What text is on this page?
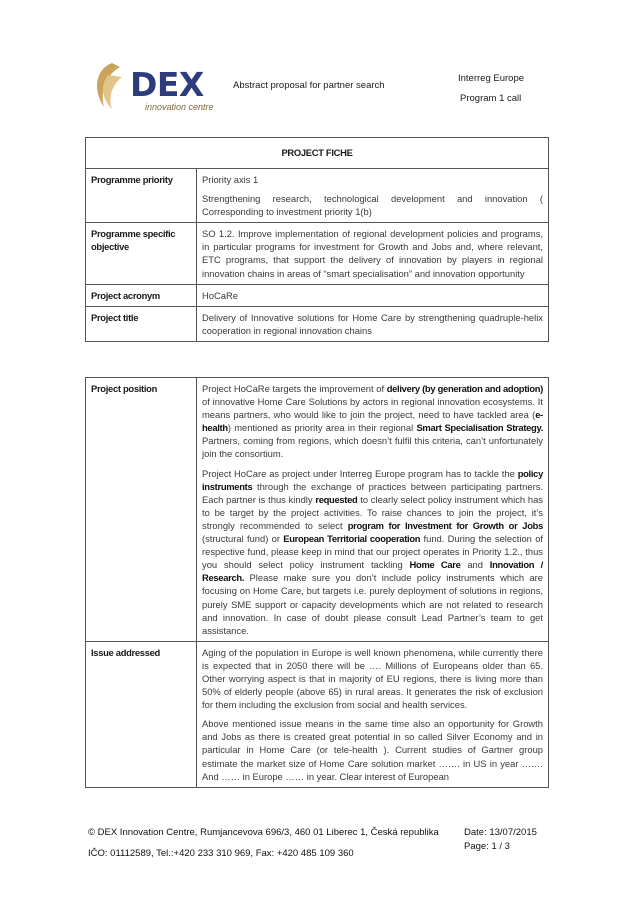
DEX
innovation centre
Abstract proposal for partner search
Interreg Europe
Program 1 call
PROJECT FICHE	
Programme priority	Priority axis 1

Strengthening research, technological development and innovation ( Corresponding to investment priority 1(b)

Programme specific objective	SO 1.2. Improve implementation of regional development policies and programs, in particular programs for investment for Growth and Jobs and, where relevant, ETC programs, that support the delivery of innovation by players in regional innovation chains in areas of “smart specialisation” and innovation opportunity
Project acronym	HoCaRe
Project title	Delivery of Innovative solutions for Home Care by strengthening quadruple-helix cooperation in regional innovation chains
Project position	Project HoCaRe targets the improvement of delivery (by generation and adoption) of innovative Home Care Solutions by actors in regional innovation ecosystems. It means partners, who would like to join the project, need to have tackled area (e-health) mentioned as priority area in their regional Smart Specialisation Strategy. Partners, coming from regions, which doesn’t fulfil this criteria, can’t unfortunately join the consortium.

Project HoCare as project under Interreg Europe program has to tackle the policy instruments through the exchange of practices between participating partners. Each partner is thus kindly requested to clearly select policy instrument which has to be target by the project activities. To raise chances to join the project, it’s strongly recommended to select program for Investment for Growth or Jobs (structural fund) or European Territorial cooperation fund. During the selection of respective fund, please keep in mind that our project operates in Priority 1.2., thus you should select policy instrument tackling Home Care and Innovation / Research. Please make sure you don’t include policy instruments which are focusing on Home Care, but targets i.e. purely deployment of solutions in regions, purely SME support or capacity developments which are not related to research and innovation. In case of doubt please consult Lead Partner’s team to get assistance.

Issue addressed	Aging of the population in Europe is well known phenomena, while currently there is expected that in 2050 there will be …. Millions of Europeans older than 65. Other worrying aspect is that in majority of EU regions, there is living more than 50% of elderly people (above 65) in rural areas. It generates the risk of exclusion for them including the exclusion from social and health services.

Above mentioned issue means in the same time also an opportunity for Growth and Jobs as there is created great potential in so called Silver Economy and in particular in Home Care (or tele-health ). Current studies of Gartner group estimate the market size of Home Care solution market ……. in US in year ……. And …… in Europe …… in year. Clear interest of European

© DEX Innovation Centre, Rumjancevova 696/3, 460 01 Liberec 1, Česká republika
IČO: 01112589, Tel.:+420 233 310 969, Fax: +420 485 109 360
Date: 13/07/2015
Page: 1 / 3
